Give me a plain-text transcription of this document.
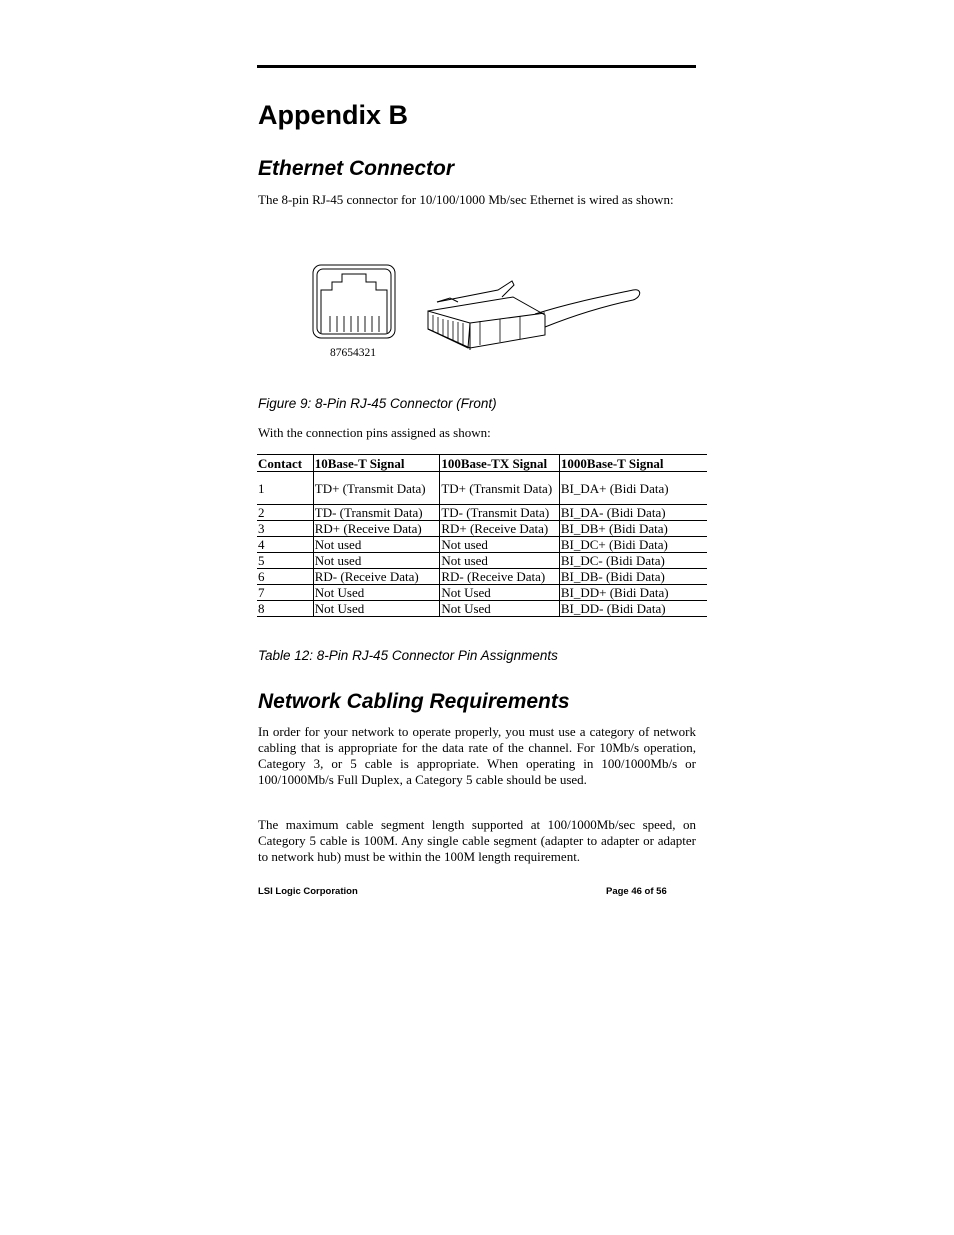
Appendix B
Ethernet Connector

The 8-pin RJ-45 connector for 10/100/1000 Mb/sec Ethernet is wired as shown:

87654321

Figure 9: 8-Pin RJ-45 Connector (Front)

With the connection pins assigned as shown:

Contact	10Base-T Signal	100Base-TX Signal	1000Base-T Signal
1	TD+ (Transmit Data)	TD+ (Transmit Data)	BI_DA+ (Bidi Data)
2	TD- (Transmit Data)	TD- (Transmit Data)	BI_DA- (Bidi Data)
3	RD+ (Receive Data)	RD+ (Receive Data)	BI_DB+ (Bidi Data)
4	Not used	Not used	BI_DC+ (Bidi Data)
5	Not used	Not used	BI_DC- (Bidi Data)
6	RD- (Receive Data)	RD- (Receive Data)	BI_DB- (Bidi Data)
7	Not Used	Not Used	BI_DD+ (Bidi Data)
8	Not Used	Not Used	BI_DD- (Bidi Data)

Table 12: 8-Pin RJ-45 Connector Pin Assignments

Network Cabling Requirements

In order for your network to operate properly, you must use a category of network cabling that is appropriate for the data rate of the channel. For 10Mb/s operation, Category 3, or 5 cable is appropriate. When operating in 100/1000Mb/s or 100/1000Mb/s Full Duplex, a Category 5 cable should be used.

The maximum cable segment length supported at 100/1000Mb/sec speed, on Category 5 cable is 100M. Any single cable segment (adapter to adapter or adapter to network hub) must be within the 100M length requirement.

LSI Logic Corporation	Page 46 of 56
